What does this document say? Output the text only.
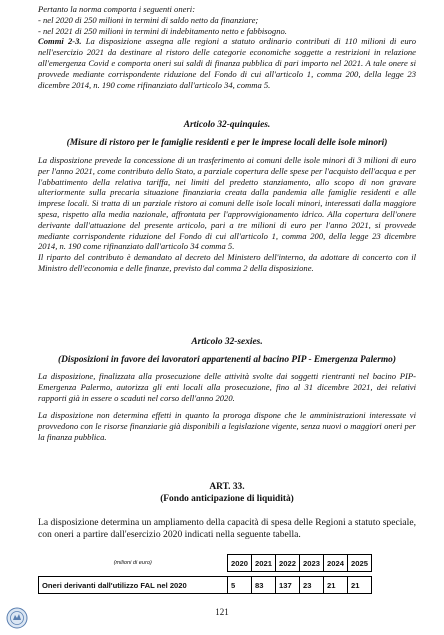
Pertanto la norma comporta i seguenti oneri:

- nel 2020 di 250 milioni in termini di saldo netto da finanziare;

- nel 2021 di 250 milioni in termini di indebitamento netto e fabbisogno.

Commi 2-3. La disposizione assegna alle regioni a statuto ordinario contributi di 110 milioni di euro nell'esercizio 2021 da destinare al ristoro delle categorie economiche soggette a restrizioni in relazione all'emergenza Covid e comporta oneri sui saldi di finanza pubblica di pari importo nel 2021. A tale onere si provvede mediante corrispondente riduzione del Fondo di cui all'articolo 1, comma 200, della legge 23 dicembre 2014, n. 190 come rifinanziato dall'articolo 34, comma 5.

Articolo 32-quinquies.
(Misure di ristoro per le famiglie residenti e per le imprese locali delle isole minori)

La disposizione prevede la concessione di un trasferimento ai comuni delle isole minori di 3 milioni di euro per l'anno 2021, come contributo dello Stato, a parziale copertura delle spese per l'acquisto dell'acqua e per l'abbattimento della relativa tariffa, nei limiti del predetto stanziamento, allo scopo di non gravare ulteriormente sulla precaria situazione finanziaria creata dalla pandemia alle famiglie residenti e alle imprese locali. Si tratta di un parziale ristoro ai comuni delle isole locali minori, interessati dalla maggiore spesa, rispetto alla media nazionale, affrontata per l'approvvigionamento idrico. Alla copertura dell'onere derivante dall'attuazione del presente articolo, pari a tre milioni di euro per l'anno 2021, si provvede mediante corrispondente riduzione del Fondo di cui all'articolo 1, comma 200, della legge 23 dicembre 2014, n. 190 come rifinanziato dall'articolo 34 comma 5.

Il riparto del contributo è demandato al decreto del Ministero dell'interno, da adottare di concerto con il Ministro dell'economia e delle finanze, previsto dal comma 2 della disposizione.

Articolo 32-sexies.
(Disposizioni in favore dei lavoratori appartenenti al bacino PIP - Emergenza Palermo)

La disposizione, finalizzata alla prosecuzione delle attività svolte dai soggetti rientranti nel bacino PIP-Emergenza Palermo, autorizza gli enti locali alla prosecuzione, fino al 31 dicembre 2021, dei relativi rapporti già in essere o scaduti nel corso dell'anno 2020.

La disposizione non determina effetti in quanto la proroga dispone che le amministrazioni interessate vi provvedono con le risorse finanziarie già disponibili a legislazione vigente, senza nuovi o maggiori oneri per la finanza pubblica.

ART. 33.
(Fondo anticipazione di liquidità)
La disposizione determina un ampliamento della capacità di spesa delle Regioni a statuto speciale, con oneri a partire dall'esercizio 2020 indicati nella seguente tabella.
(milioni di euro)	2020	2021	2022	2023	2024	2025

Oneri derivanti dall'utilizzo FAL nel 2020	5	83	137	23	21	21
121
